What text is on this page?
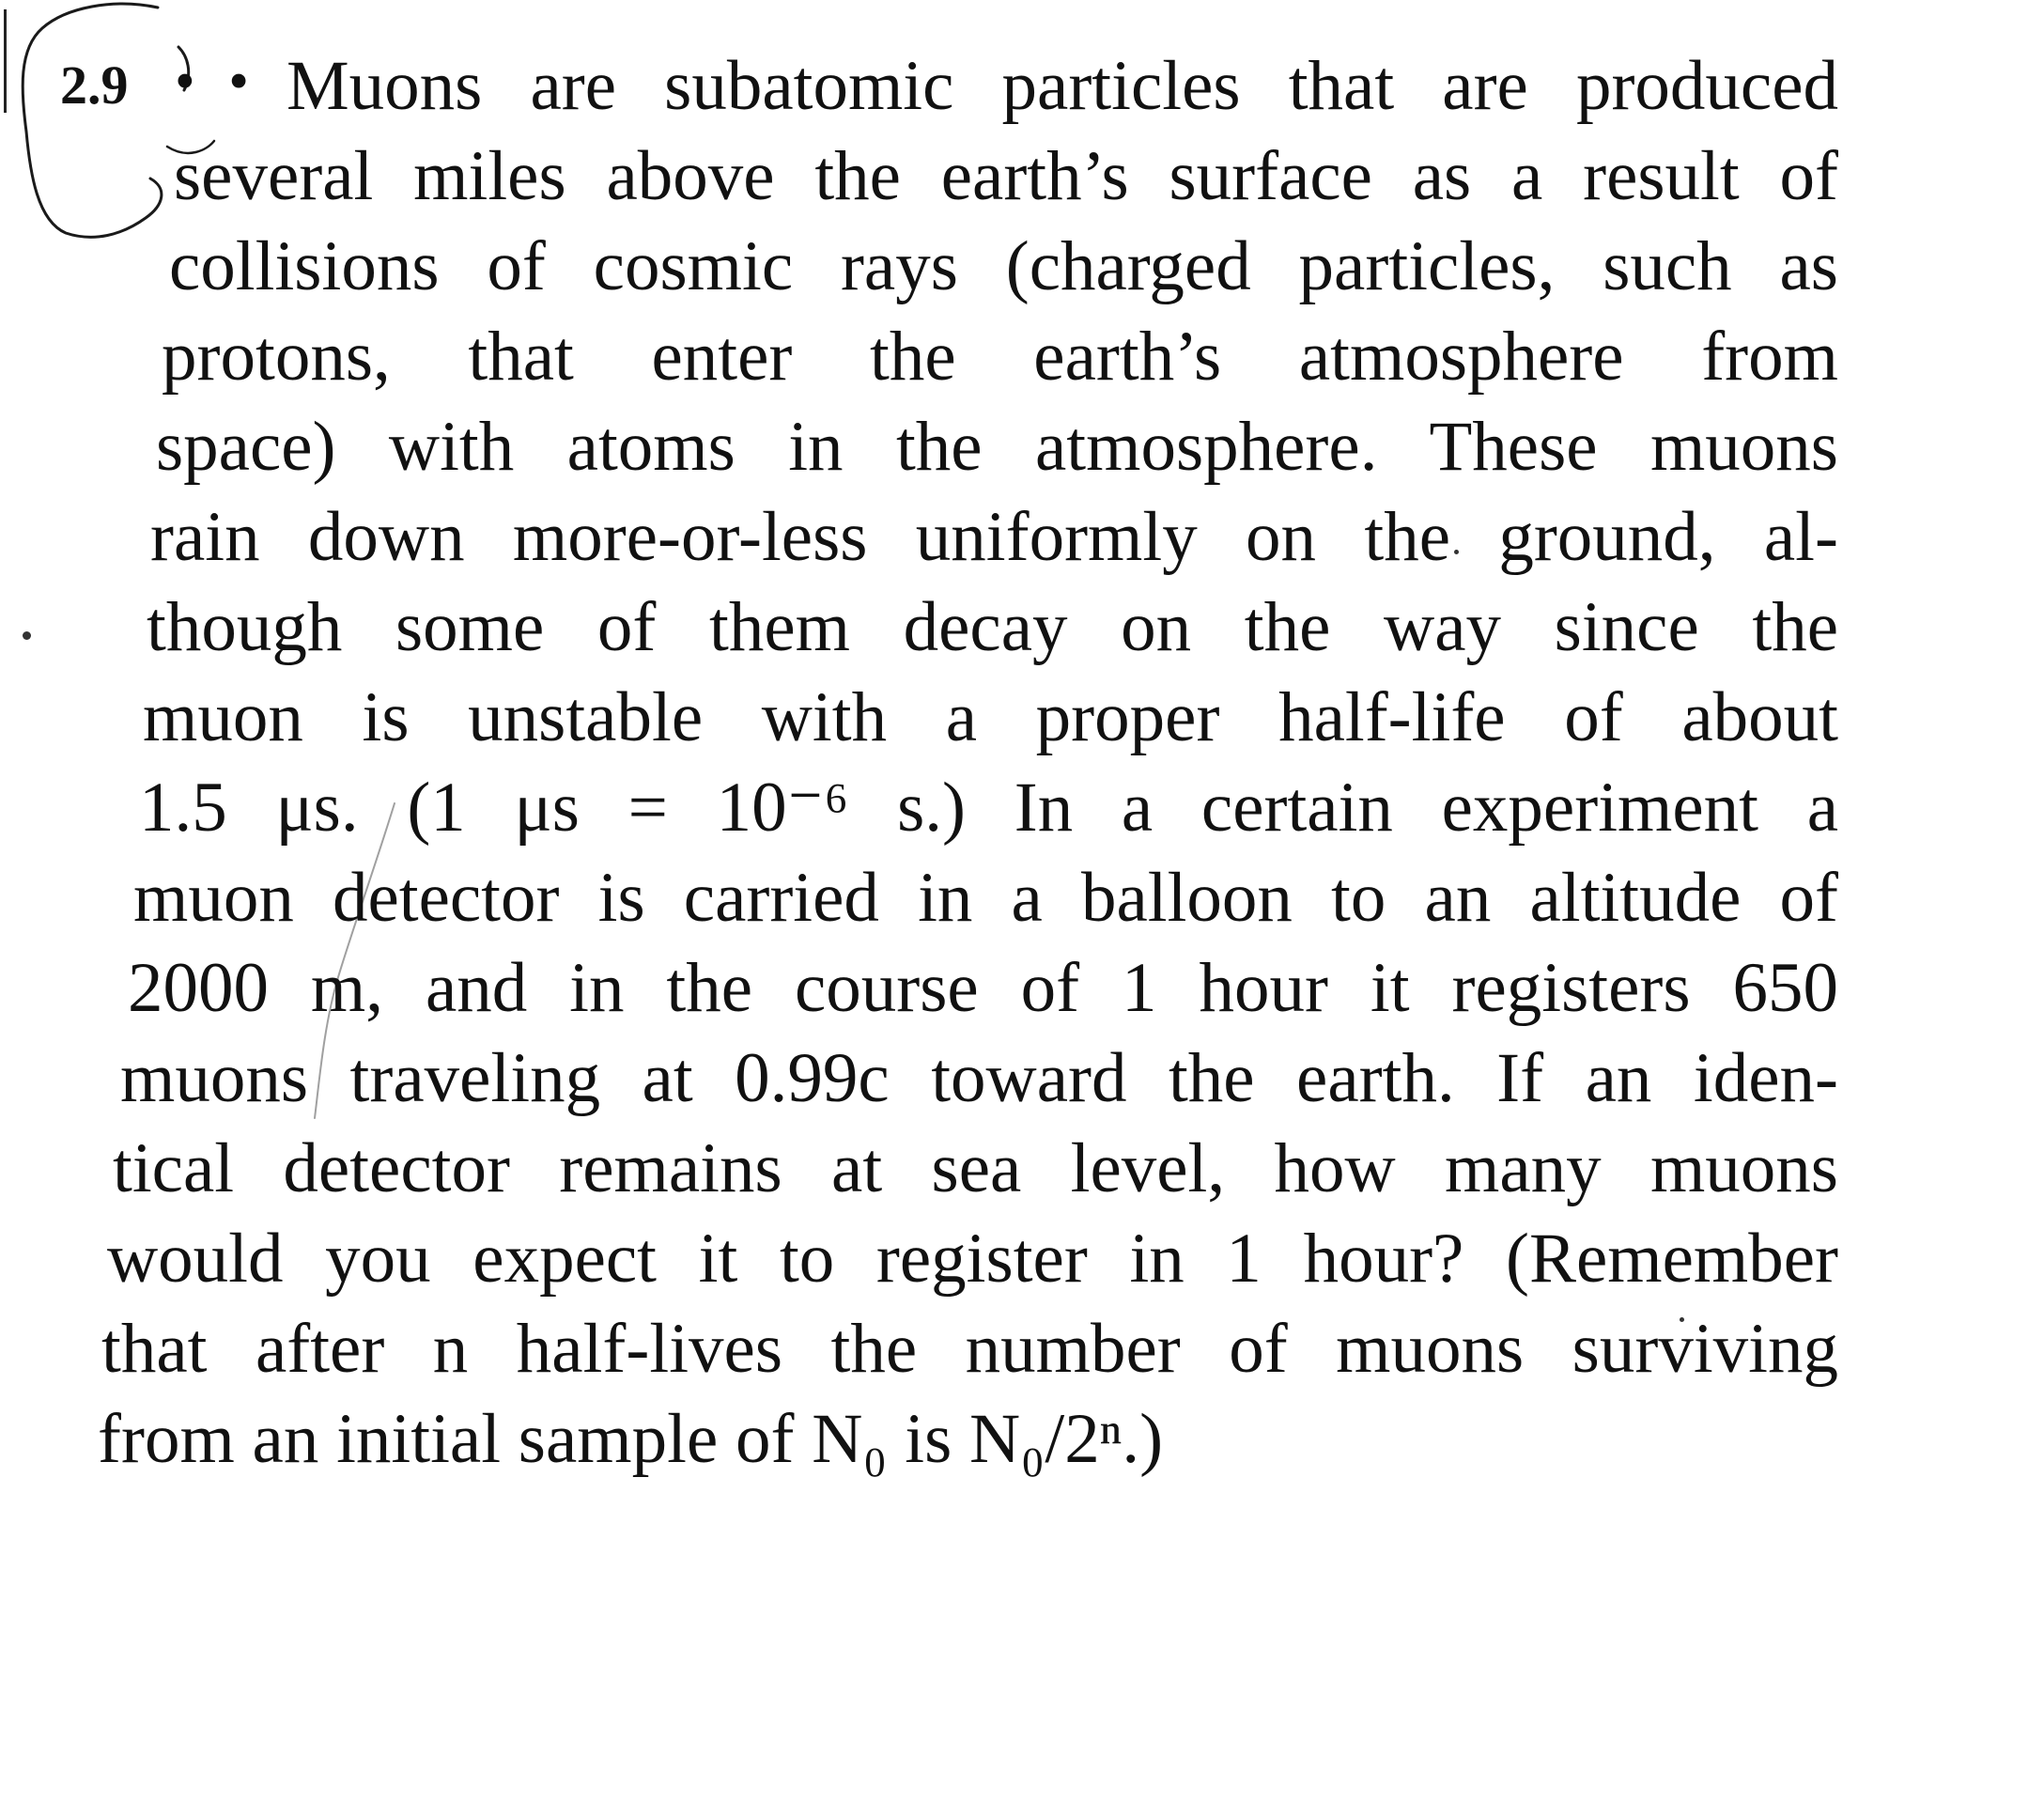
2.9 • • Muons are subatomic particles that are produced
several miles above the earth’s surface as a result of
collisions of cosmic rays (charged particles, such as
protons, that enter the earth’s atmosphere from
space) with atoms in the atmosphere. These muons
rain down more-or-less uniformly on the ground, al-
though some of them decay on the way since the
muon is unstable with a proper half-life of about
1.5 μs. (1 μs = 10⁻⁶ s.) In a certain experiment a
muon detector is carried in a balloon to an altitude of
2000 m, and in the course of 1 hour it registers 650
muons traveling at 0.99c toward the earth. If an iden-
tical detector remains at sea level, how many muons
would you expect it to register in 1 hour? (Remember
that after n half-lives the number of muons surviving
from an initial sample of N₀ is N₀/2ⁿ.)
